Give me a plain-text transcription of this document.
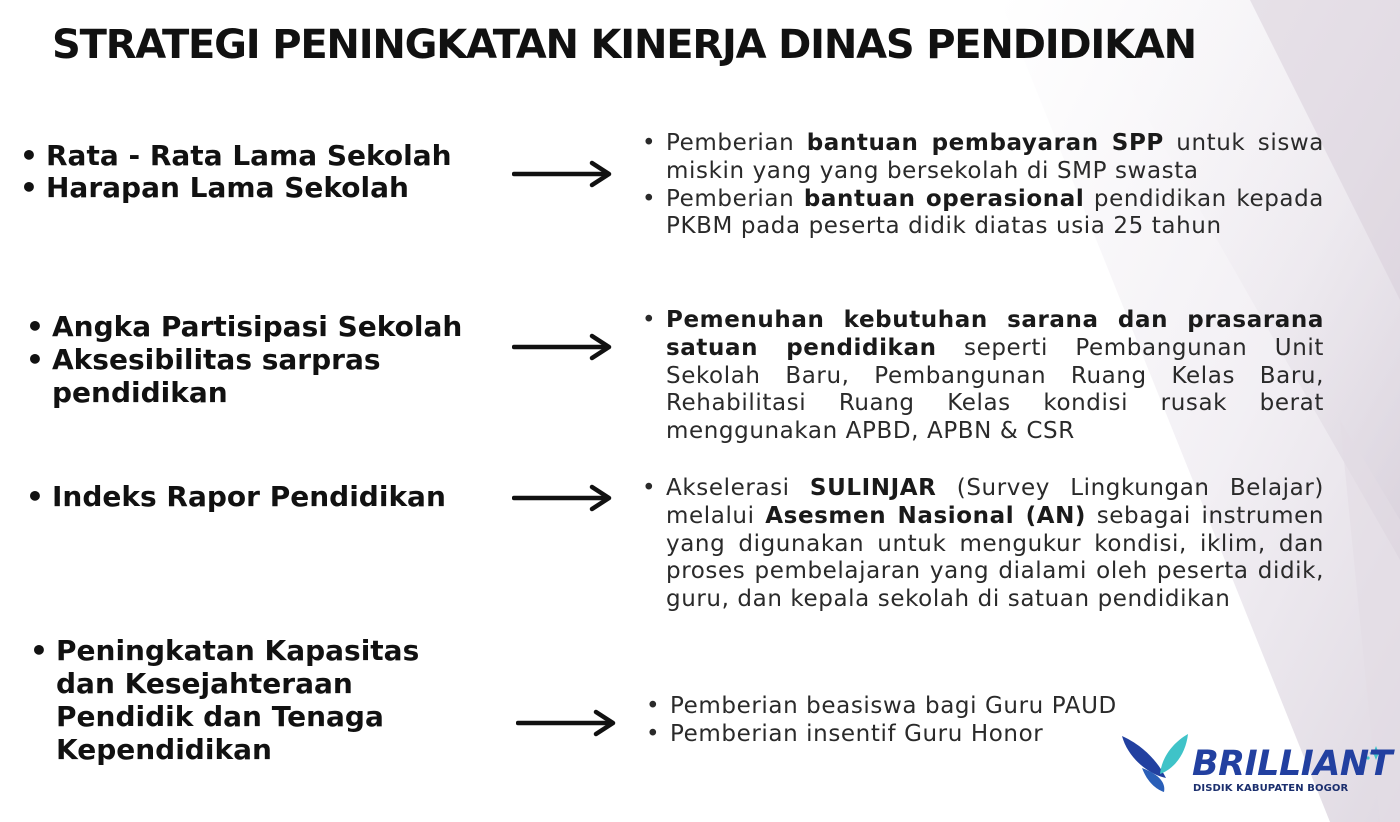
STRATEGI PENINGKATAN KINERJA DINAS PENDIDIKAN
• Rata - Rata Lama Sekolah
• Harapan Lama Sekolah
• Pemberian bantuan pembayaran SPP untuk siswa miskin yang yang bersekolah di SMP swasta
• Pemberian bantuan operasional pendidikan kepada PKBM pada peserta didik diatas usia 25 tahun
• Angka Partisipasi Sekolah
• Aksesibilitas sarpras pendidikan
• Pemenuhan kebutuhan sarana dan prasarana satuan pendidikan seperti Pembangunan Unit Sekolah Baru, Pembangunan Ruang Kelas Baru, Rehabilitasi Ruang Kelas kondisi rusak berat menggunakan APBD, APBN & CSR
• Indeks Rapor Pendidikan
•	Akselerasi SULINJAR (Survey Lingkungan Belajar) melalui Asesmen Nasional (AN) sebagai instrumen yang digunakan untuk mengukur kondisi, iklim, dan proses pembelajaran yang dialami oleh peserta didik, guru, dan kepala sekolah di satuan pendidikan
• Peningkatan Kapasitas dan Kesejahteraan Pendidik dan Tenaga Kependidikan
• Pemberian beasiswa bagi Guru PAUD
• Pemberian insentif Guru Honor
BRILLIANT
DISDIK KABUPATEN BOGOR
